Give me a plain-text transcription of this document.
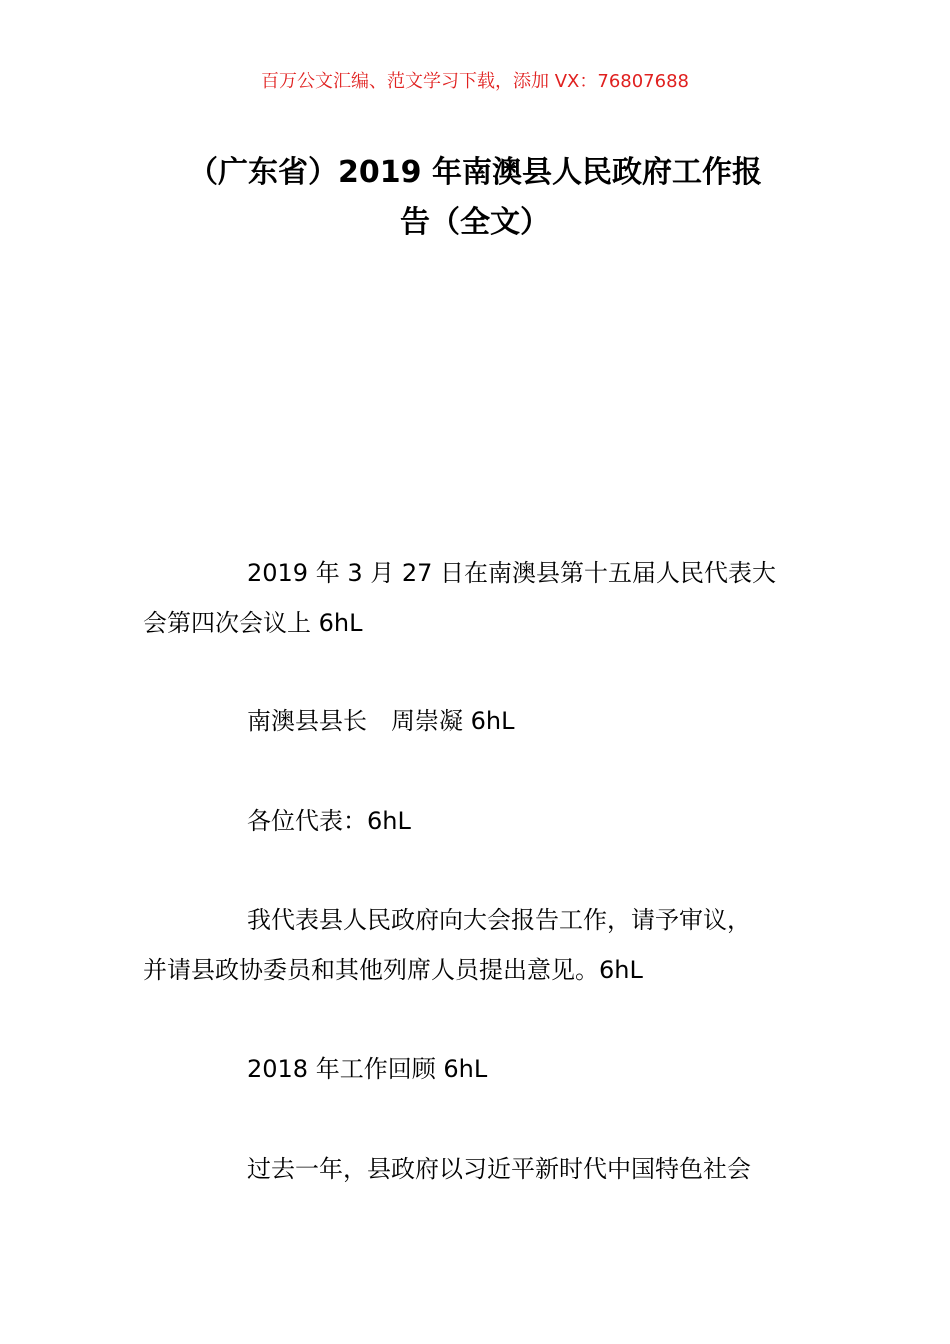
百万公文汇编、范文学习下载，添加 VX：76807688
（广东省）2019 年南澳县人民政府工作报
告（全文）
2019 年 3 月 27 日在南澳县第十五届人民代表大
会第四次会议上 6hL
南澳县县长　周崇凝 6hL
各位代表：6hL
我代表县人民政府向大会报告工作，请予审议，
并请县政协委员和其他列席人员提出意见。6hL
2018 年工作回顾 6hL
过去一年，县政府以习近平新时代中国特色社会
